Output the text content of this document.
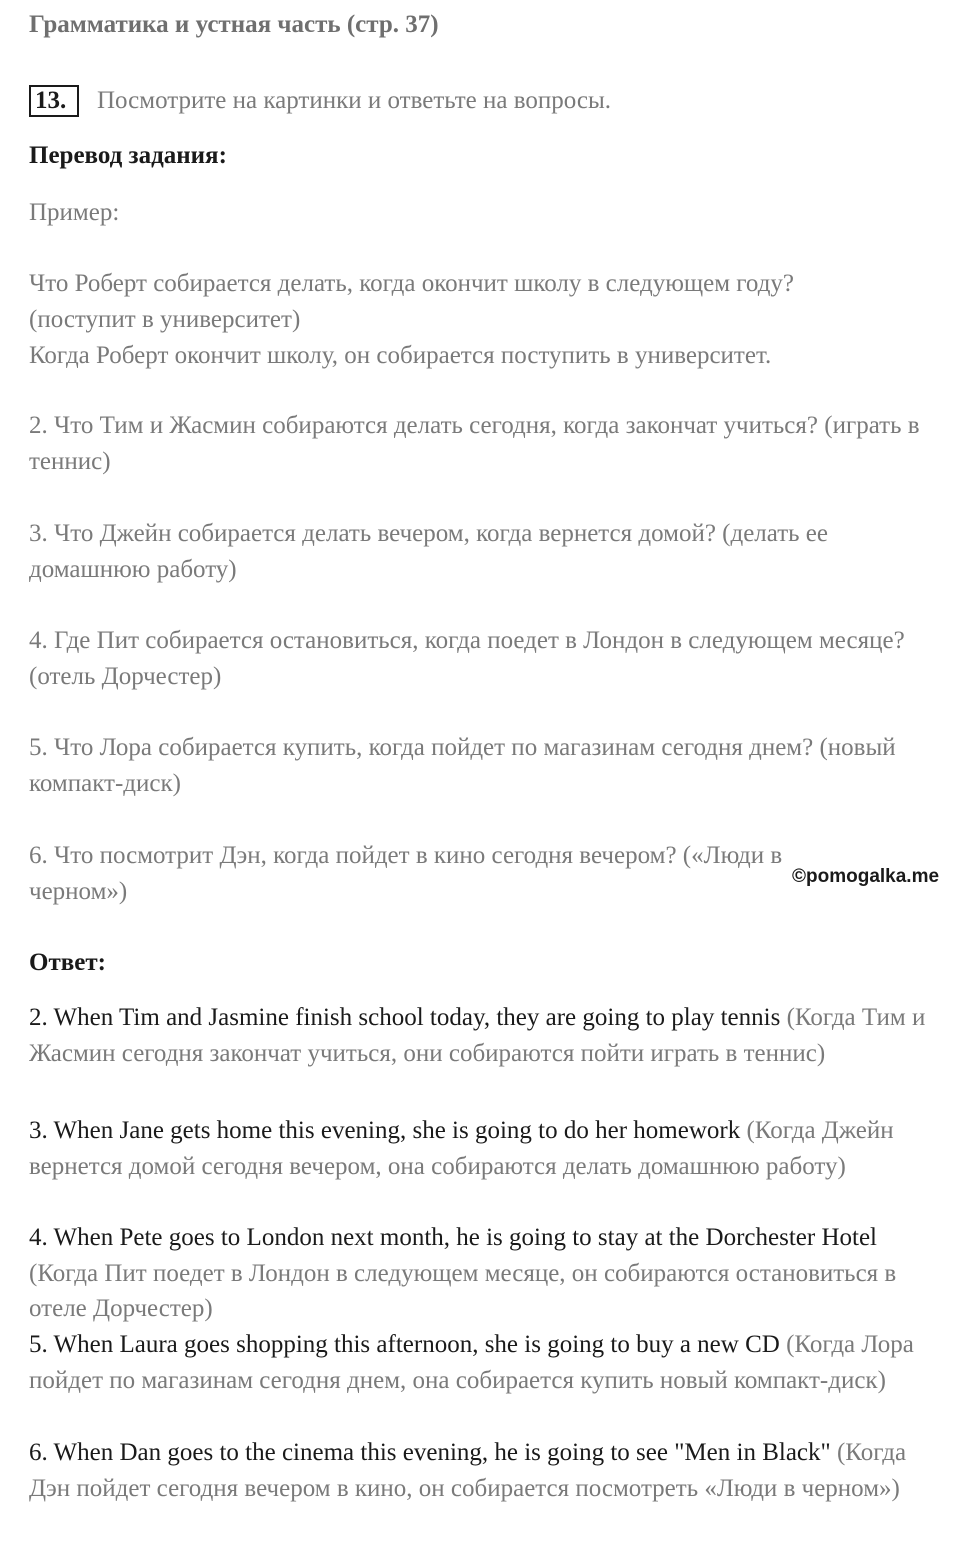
Грамматика и устная часть (стр. 37)
13.	Посмотрите на картинки и ответьте на вопросы.
Перевод задания:
Пример:

Что Роберт собирается делать, когда окончит школу в следующем году?

(поступит в университет)

Когда Роберт окончит школу, он собирается поступить в университет.

2. Что Тим и Жасмин собираются делать сегодня, когда закончат учиться? (играть в теннис)
3. Что Джейн собирается делать вечером, когда вернется домой? (делать ее домашнюю работу)
4. Где Пит собирается остановиться, когда поедет в Лондон в следующем месяце? (отель Дорчестер)
5. Что Лора собирается купить, когда пойдет по магазинам сегодня днем? (новый компакт-диск)
6. Что посмотрит Дэн, когда пойдет в кино сегодня вечером? («Люди в черном»)
Ответ:
2. When Tim and Jasmine finish school today, they are going to play tennis (Когда Тим и Жасмин сегодня закончат учиться, они собираются пойти играть в теннис)
3. When Jane gets home this evening, she is going to do her homework (Когда Джейн вернется домой сегодня вечером, она собираются делать домашнюю работу)
4. When Pete goes to London next month, he is going to stay at the Dorchester Hotel (Когда Пит поедет в Лондон в следующем месяце, он собираются остановиться в отеле Дорчестер)
5. When Laura goes shopping this afternoon, she is going to buy a new CD (Когда Лора пойдет по магазинам сегодня днем, она собирается купить новый компакт-диск)
6. When Dan goes to the cinema this evening, he is going to see "Men in Black" (Когда Дэн пойдет сегодня вечером в кино, он собирается посмотреть «Люди в черном»)
©pomogalka.me
